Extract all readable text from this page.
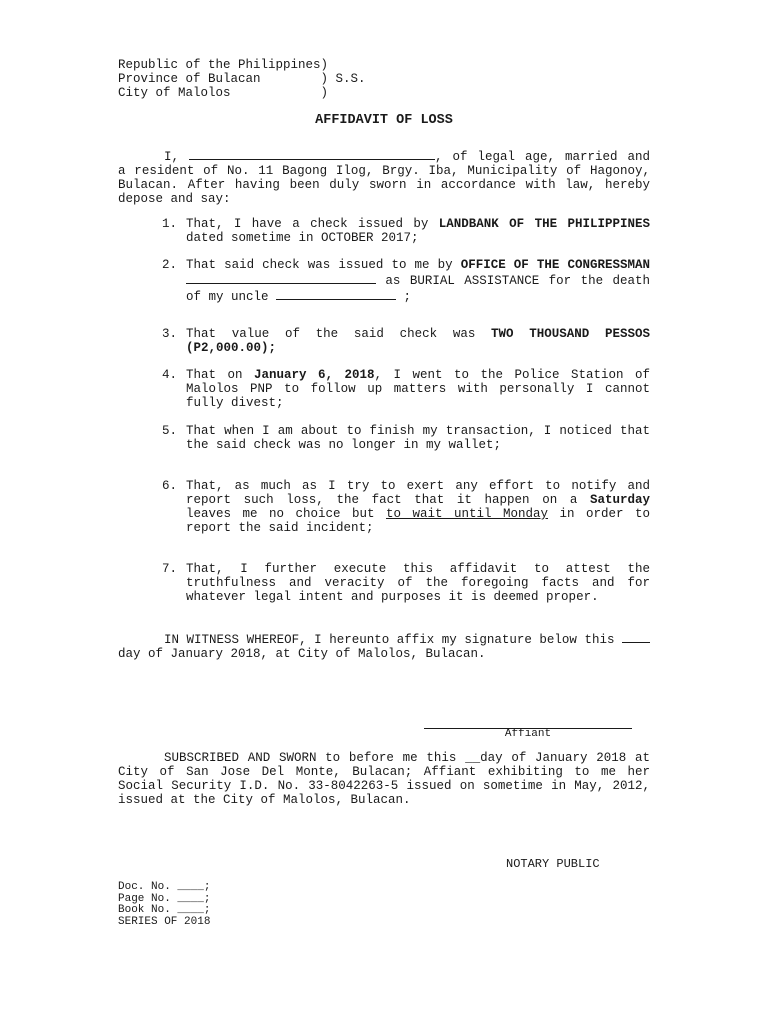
Republic of the Philippines)
Province of Bulacan        ) S.S.
City of Malolos            )
AFFIDAVIT OF LOSS
I,	, of legal age, married and a resident of No. 11 Bagong Ilog, Brgy. Iba, Municipality of Hagonoy, Bulacan. After having been duly sworn in accordance with law, hereby depose and say:

1. That, I have a check issued by LANDBANK OF THE PHILIPPINES dated sometime in OCTOBER 2017;

2. That said check was issued to me by OFFICE OF THE CONGRESSMAN  as BURIAL ASSISTANCE for the death of my uncle	;

3. That value of the said check was TWO THOUSAND PESSOS (P2,000.00);

4. That on January 6, 2018, I went to the Police Station of Malolos PNP to follow up matters with personally I cannot fully divest;

5. That when I am about to finish my transaction, I noticed that the said check was no longer in my wallet;

6. That, as much as I try to exert any effort to notify and report such loss, the fact that it happen on a Saturday leaves me no choice but to wait until Monday in order to report the said incident;

7. That, I further execute this affidavit to attest the truthfulness and veracity of the foregoing facts and for whatever legal intent and purposes it is deemed proper.

IN WITNESS WHEREOF, I hereunto affix my signature below this  day of January 2018, at City of Malolos, Bulacan.
Affiant
SUBSCRIBED AND SWORN to before me this __day of January 2018 at City of San Jose Del Monte, Bulacan; Affiant exhibiting to me her Social Security I.D. No. 33-8042263-5 issued on sometime in May, 2012, issued at the City of Malolos, Bulacan.
NOTARY PUBLIC
Doc. No. ____;
Page No. ____;
Book No. ____;
SERIES OF 2018
